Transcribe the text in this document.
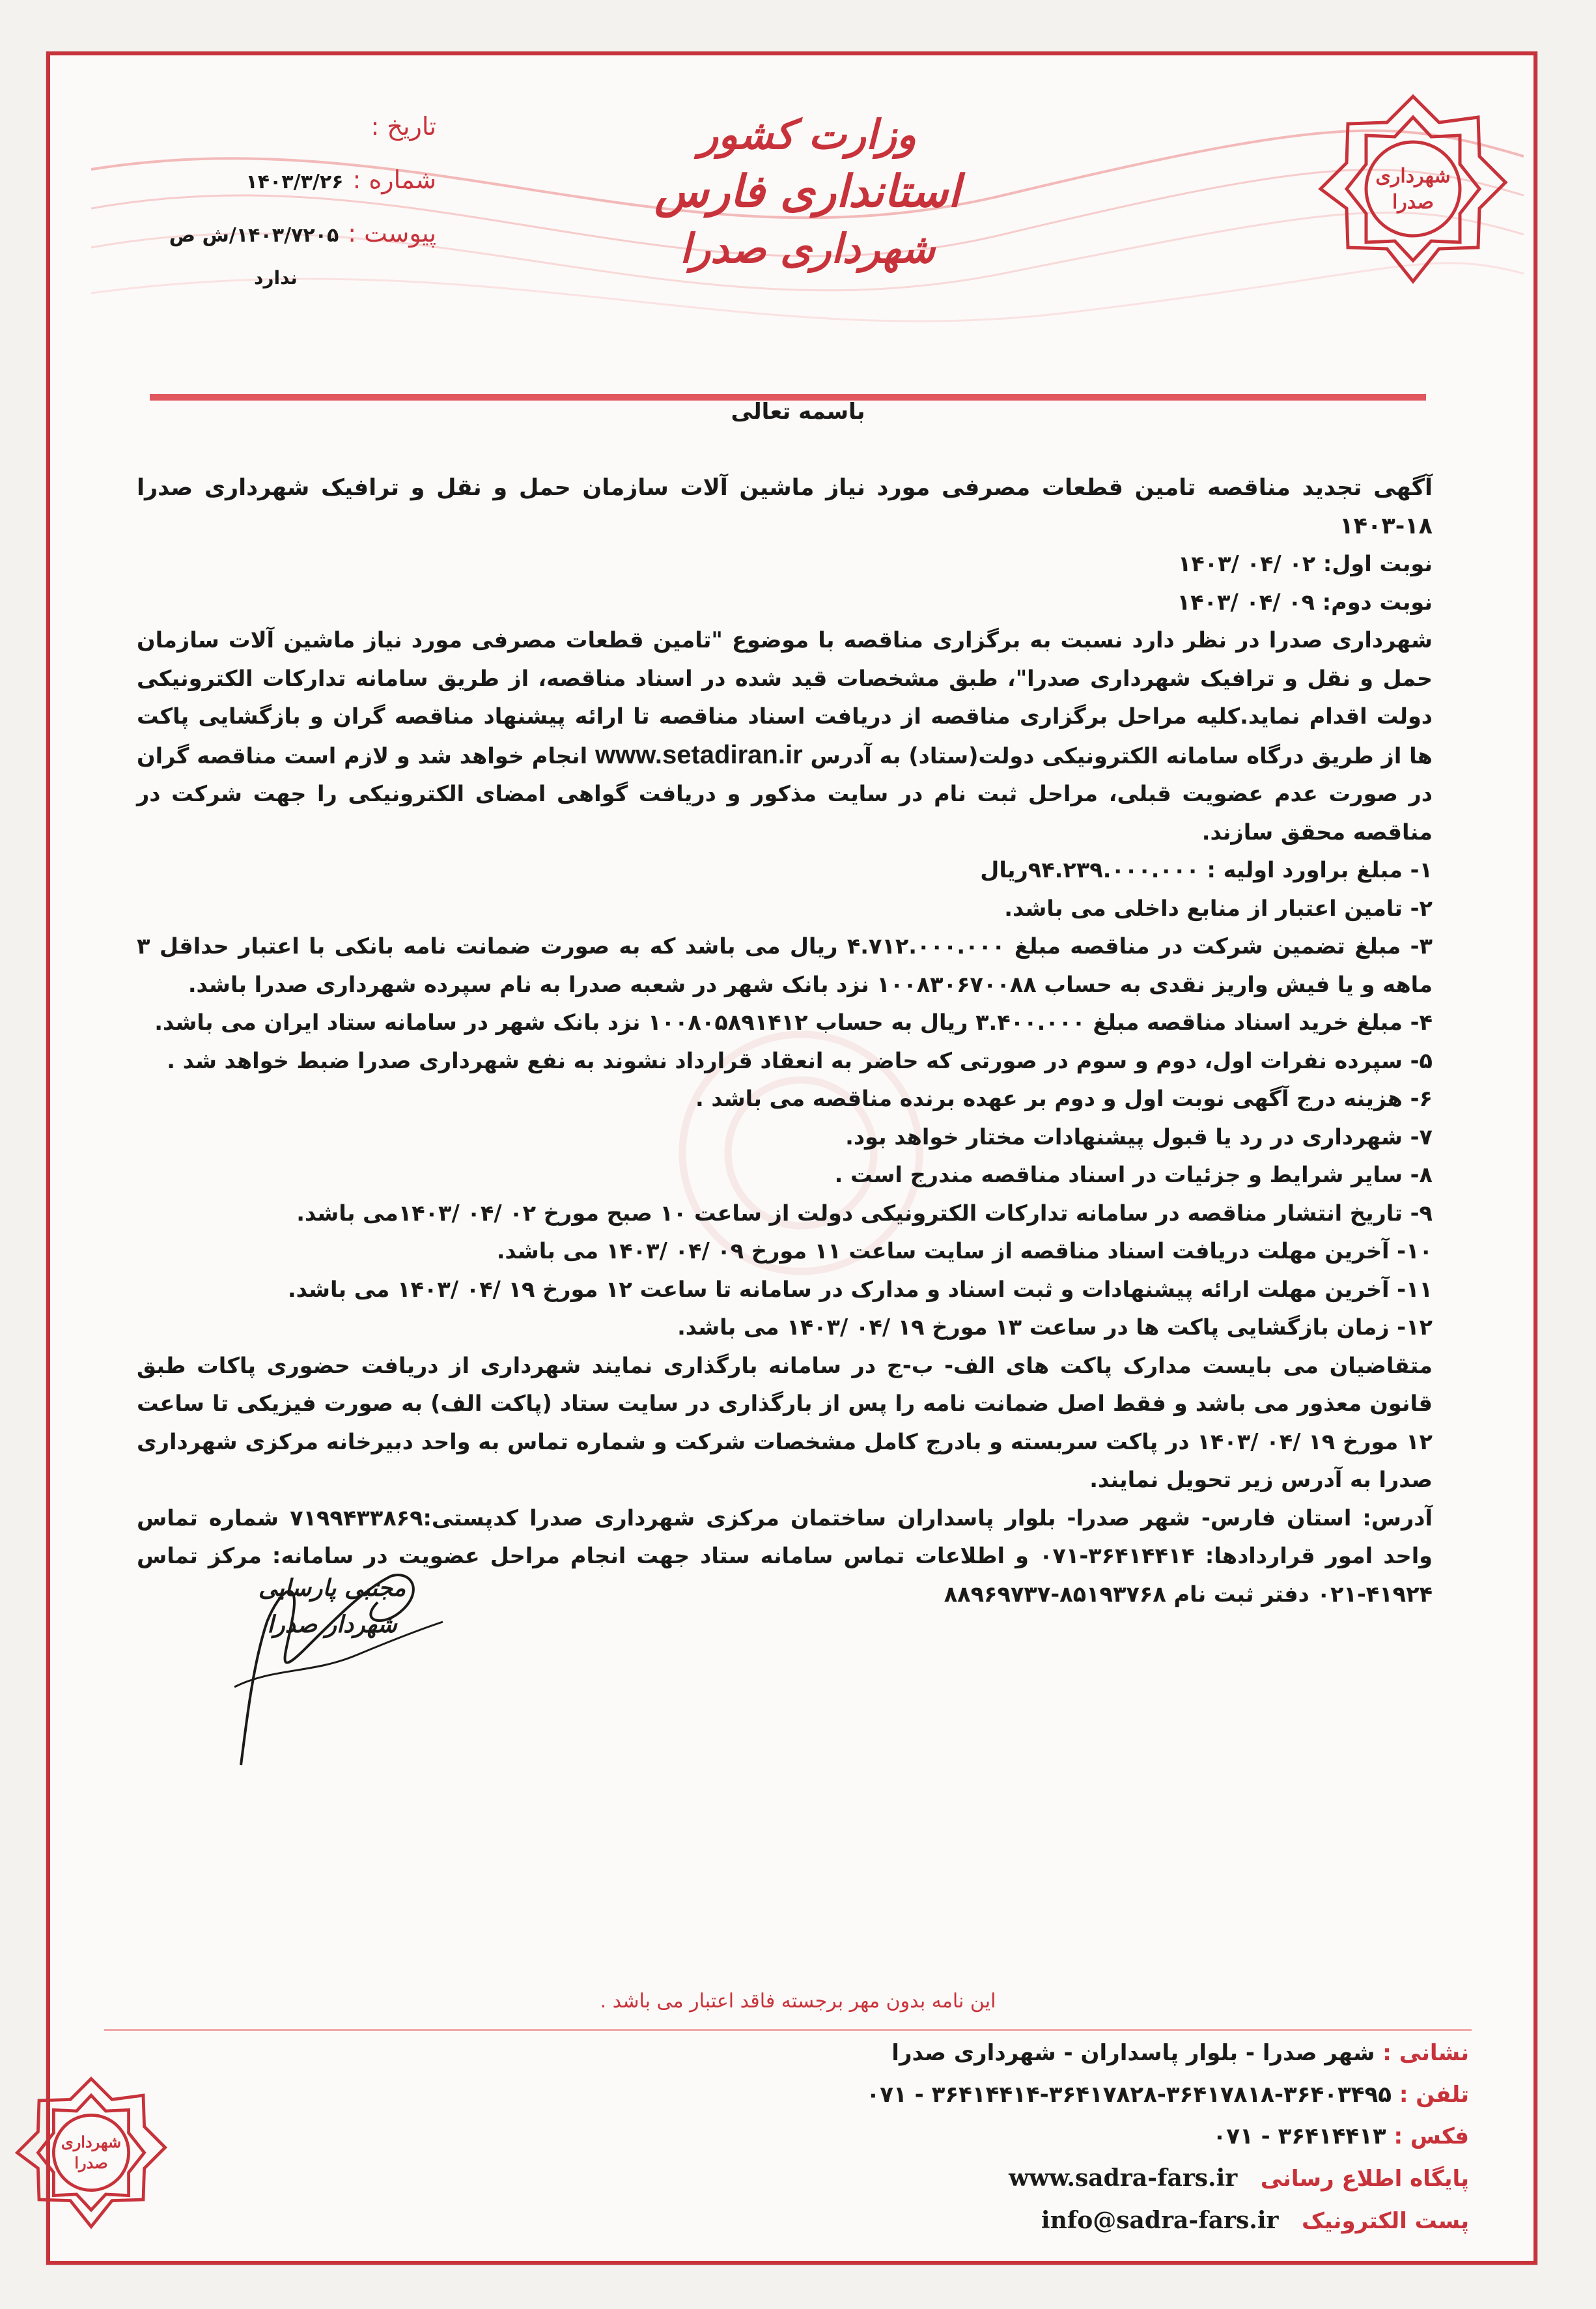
وزارت کشور
استانداری فارس
شهرداری صدرا
تاریخ :
شماره :
۱۴۰۳/۳/۲۶
پیوست :
۱۴۰۳/۷۲۰۵/ش ص
ندارد
شهرداری
صدرا
باسمه تعالی

آگهی تجدید مناقصه تامین قطعات مصرفی مورد نیاز ماشین آلات سازمان حمل و نقل و ترافیک شهرداری صدرا ۱۸-۱۴۰۳

نوبت اول: ۰۲ /۰۴ /۱۴۰۳

نوبت دوم: ۰۹ /۰۴ /۱۴۰۳

شهرداری صدرا در نظر دارد نسبت به برگزاری مناقصه با موضوع "تامین قطعات مصرفی مورد نیاز ماشین آلات سازمان حمل و نقل و ترافیک شهرداری صدرا"، طبق مشخصات قید شده در اسناد مناقصه، از طریق سامانه تدارکات الکترونیکی دولت اقدام نماید.کلیه مراحل برگزاری مناقصه از دریافت اسناد مناقصه تا ارائه پیشنهاد مناقصه گران و بازگشایی پاکت ها از طریق درگاه سامانه الکترونیکی دولت(ستاد) به آدرس www.setadiran.ir انجام خواهد شد و لازم است مناقصه گران در صورت عدم عضویت قبلی، مراحل ثبت نام در سایت مذکور و دریافت گواهی امضای الکترونیکی را جهت شرکت در مناقصه محقق سازند.

۱- مبلغ براورد اولیه : ۹۴.۲۳۹.۰۰۰.۰۰۰ریال

۲- تامین اعتبار از منابع داخلی می باشد.

۳- مبلغ تضمین شرکت در مناقصه مبلغ ۴.۷۱۲.۰۰۰.۰۰۰ ریال می باشد که به صورت ضمانت نامه بانکی با اعتبار حداقل ۳ ماهه و یا فیش واریز نقدی به حساب ۱۰۰۸۳۰۶۷۰۰۸۸ نزد بانک شهر در شعبه صدرا به نام سپرده شهرداری صدرا باشد.

۴- مبلغ خرید اسناد مناقصه مبلغ ۳.۴۰۰.۰۰۰ ریال به حساب ۱۰۰۸۰۵۸۹۱۴۱۲ نزد بانک شهر در سامانه ستاد ایران می باشد.

۵- سپرده نفرات اول، دوم و سوم در صورتی که حاضر به انعقاد قرارداد نشوند به نفع شهرداری صدرا ضبط خواهد شد .

۶- هزینه درج آگهی نوبت اول و دوم بر عهده برنده مناقصه می باشد .

۷- شهرداری در رد یا قبول پیشنهادات مختار خواهد بود.

۸- سایر شرایط و جزئیات در اسناد مناقصه مندرج است .

۹- تاریخ انتشار مناقصه در سامانه تدارکات الکترونیکی دولت از ساعت ۱۰ صبح مورخ ۰۲ /۰۴ /۱۴۰۳می باشد.

۱۰- آخرین مهلت دریافت اسناد مناقصه از سایت ساعت ۱۱ مورخ ۰۹ /۰۴ /۱۴۰۳ می باشد.

۱۱- آخرین مهلت ارائه پیشنهادات و ثبت اسناد و مدارک در سامانه تا ساعت ۱۲ مورخ ۱۹ /۰۴ /۱۴۰۳ می باشد.

۱۲- زمان بازگشایی پاکت ها در ساعت ۱۳ مورخ ۱۹ /۰۴ /۱۴۰۳ می باشد.

متقاضیان می بایست مدارک پاکت های الف- ب-ج در سامانه بارگذاری نمایند شهرداری از دریافت حضوری پاکات طبق قانون معذور می باشد و فقط اصل ضمانت نامه را پس از بارگذاری در سایت ستاد (پاکت الف) به صورت فیزیکی تا ساعت ۱۲ مورخ ۱۹ /۰۴ /۱۴۰۳ در پاکت سربسته و بادرج کامل مشخصات شرکت و شماره تماس به واحد دبیرخانه مرکزی شهرداری صدرا به آدرس زیر تحویل نمایند.

آدرس: استان فارس- شهر صدرا- بلوار پاسداران ساختمان مرکزی شهرداری صدرا کدپستی:۷۱۹۹۴۳۳۸۶۹ شماره تماس واحد امور قراردادها: ۳۶۴۱۴۴۱۴-۰۷۱ و اطلاعات تماس سامانه ستاد جهت انجام مراحل عضویت در سامانه: مرکز تماس ۴۱۹۲۴-۰۲۱ دفتر ثبت نام ۸۵۱۹۳۷۶۸-۸۸۹۶۹۷۳۷

مجتبی پارسایی
شهردار صدرا
این نامه بدون مهر برجسته فاقد اعتبار می باشد .
نشانی : شهر صدرا - بلوار پاسداران - شهرداری صدرا
تلفن : ۳۶۴۰۳۴۹۵-۳۶۴۱۷۸۱۸-۳۶۴۱۷۸۲۸-۳۶۴۱۴۴۱۴ - ۰۷۱
فکس : ۳۶۴۱۴۴۱۳ - ۰۷۱
پایگاه اطلاع رسانی   www.sadra-fars.ir
پست الکترونیک   info@sadra-fars.ir
شهرداری
صدرا
